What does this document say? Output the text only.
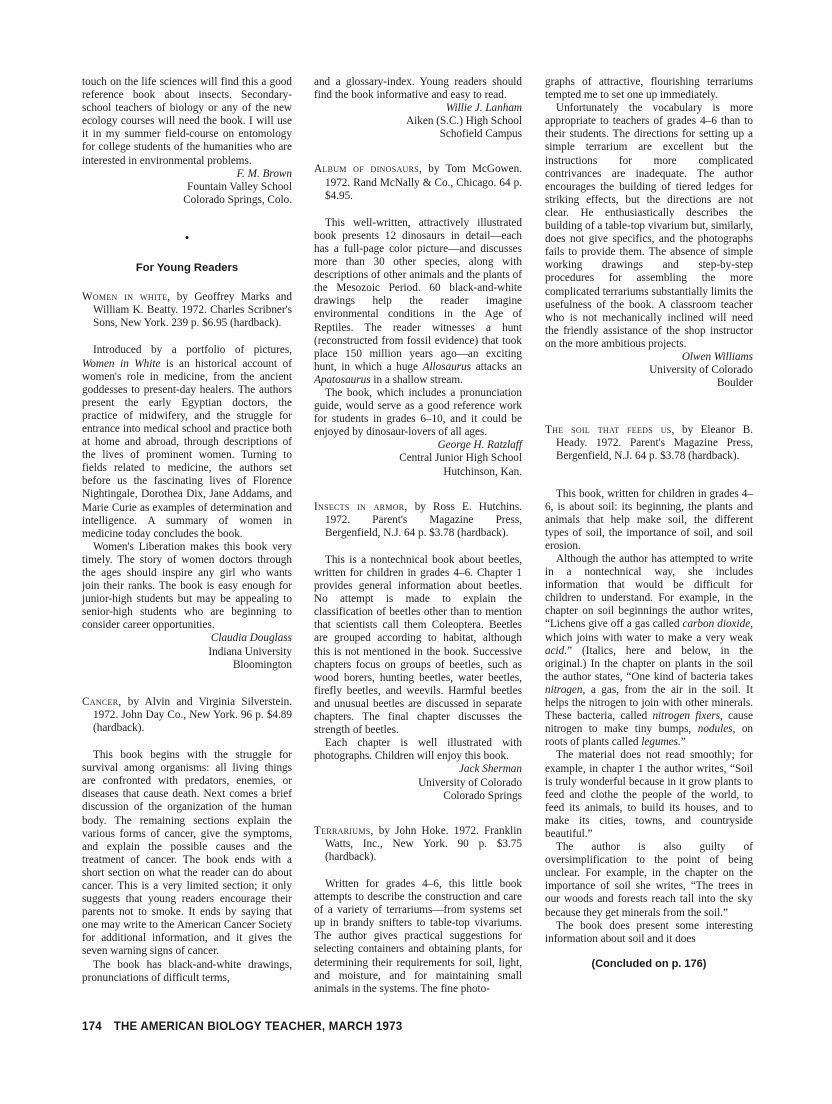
touch on the life sciences will find this a good reference book about insects. Secondary-school teachers of biology or any of the new ecology courses will need the book. I will use it in my summer field-course on entomology for college students of the humanities who are interested in environmental problems.

F. M. Brown

Fountain Valley School

Colorado Springs, Colo.

•
For Young Readers

Women in white, by Geoffrey Marks and William K. Beatty. 1972. Charles Scribner's Sons, New York. 239 p. $6.95 (hardback).

Introduced by a portfolio of pictures, Women in White is an historical account of women's role in medicine, from the ancient goddesses to present-day healers. The authors present the early Egyptian doctors, the practice of midwifery, and the struggle for entrance into medical school and practice both at home and abroad, through descriptions of the lives of prominent women. Turning to fields related to medicine, the authors set before us the fascinating lives of Florence Nightingale, Dorothea Dix, Jane Addams, and Marie Curie as examples of determination and intelligence. A summary of women in medicine today concludes the book.

Women's Liberation makes this book very timely. The story of women doctors through the ages should inspire any girl who wants join their ranks. The book is easy enough for junior-high students but may be appealing to senior-high students who are beginning to consider career opportunities.

Claudia Douglass

Indiana University

Bloomington

Cancer, by Alvin and Virginia Silverstein. 1972. John Day Co., New York. 96 p. $4.89 (hardback).

This book begins with the struggle for survival among organisms: all living things are confronted with predators, enemies, or diseases that cause death. Next comes a brief discussion of the organization of the human body. The remaining sections explain the various forms of cancer, give the symptoms, and explain the possible causes and the treatment of cancer. The book ends with a short section on what the reader can do about cancer. This is a very limited section; it only suggests that young readers encourage their parents not to smoke. It ends by saying that one may write to the American Cancer Society for additional information, and it gives the seven warning signs of cancer.

The book has black-and-white drawings, pronunciations of difficult terms,

and a glossary-index. Young readers should find the book informative and easy to read.

Willie J. Lanham

Aiken (S.C.) High School

Schofield Campus

Album of dinosaurs, by Tom McGowen. 1972. Rand McNally & Co., Chicago. 64 p. $4.95.

This well-written, attractively illustrated book presents 12 dinosaurs in detail—each has a full-page color picture—and discusses more than 30 other species, along with descriptions of other animals and the plants of the Mesozoic Period. 60 black-and-white drawings help the reader imagine environmental conditions in the Age of Reptiles. The reader witnesses a hunt (reconstructed from fossil evidence) that took place 150 million years ago—an exciting hunt, in which a huge Allosaurus attacks an Apatosaurus in a shallow stream.

The book, which includes a pronunciation guide, would serve as a good reference work for students in grades 6–10, and it could be enjoyed by dinosaur-lovers of all ages.

George H. Ratzlaff

Central Junior High School

Hutchinson, Kan.

Insects in armor, by Ross E. Hutchins. 1972. Parent's Magazine Press, Bergenfield, N.J. 64 p. $3.78 (hardback).

This is a nontechnical book about beetles, written for children in grades 4–6. Chapter 1 provides general information about beetles. No attempt is made to explain the classification of beetles other than to mention that scientists call them Coleoptera. Beetles are grouped according to habitat, although this is not mentioned in the book. Successive chapters focus on groups of beetles, such as wood borers, hunting beetles, water beetles, firefly beetles, and weevils. Harmful beetles and unusual beetles are discussed in separate chapters. The final chapter discusses the strength of beetles.

Each chapter is well illustrated with photographs. Children will enjoy this book.

Jack Sherman

University of Colorado

Colorado Springs

Terrariums, by John Hoke. 1972. Franklin Watts, Inc., New York. 90 p. $3.75 (hardback).

Written for grades 4–6, this little book attempts to describe the construction and care of a variety of terrariums—from systems set up in brandy snifters to table-top vivariums. The author gives practical suggestions for selecting containers and obtaining plants, for determining their requirements for soil, light, and moisture, and for maintaining small animals in the systems. The fine photo-

graphs of attractive, flourishing terrariums tempted me to set one up immediately.

Unfortunately the vocabulary is more appropriate to teachers of grades 4–6 than to their students. The directions for setting up a simple terrarium are excellent but the instructions for more complicated contrivances are inadequate. The author encourages the building of tiered ledges for striking effects, but the directions are not clear. He enthusiastically describes the building of a table-top vivarium but, similarly, does not give specifics, and the photographs fails to provide them. The absence of simple working drawings and step-by-step procedures for assembling the more complicated terrariums substantially limits the usefulness of the book. A classroom teacher who is not mechanically inclined will need the friendly assistance of the shop instructor on the more ambitious projects.

Olwen Williams

University of Colorado

Boulder

The soil that feeds us, by Eleanor B. Heady. 1972. Parent's Magazine Press, Bergenfield, N.J. 64 p. $3.78 (hardback).

This book, written for children in grades 4–6, is about soil: its beginning, the plants and animals that help make soil, the different types of soil, the importance of soil, and soil erosion.

Although the author has attempted to write in a nontechnical way, she includes information that would be difficult for children to understand. For example, in the chapter on soil beginnings the author writes, “Lichens give off a gas called carbon dioxide, which joins with water to make a very weak acid.” (Italics, here and below, in the original.) In the chapter on plants in the soil the author states, “One kind of bacteria takes nitrogen, a gas, from the air in the soil. It helps the nitrogen to join with other minerals. These bacteria, called nitrogen fixers, cause nitrogen to make tiny bumps, nodules, on roots of plants called legumes.”

The material does not read smoothly; for example, in chapter 1 the author writes, “Soil is truly wonderful because in it grow plants to feed and clothe the people of the world, to feed its animals, to build its houses, and to make its cities, towns, and countryside beautiful.”

The author is also guilty of oversimplification to the point of being unclear. For example, in the chapter on the importance of soil she writes, “The trees in our woods and forests reach tall into the sky because they get minerals from the soil.”

The book does present some interesting information about soil and it does

(Concluded on p. 176)
174 THE AMERICAN BIOLOGY TEACHER, MARCH 1973
